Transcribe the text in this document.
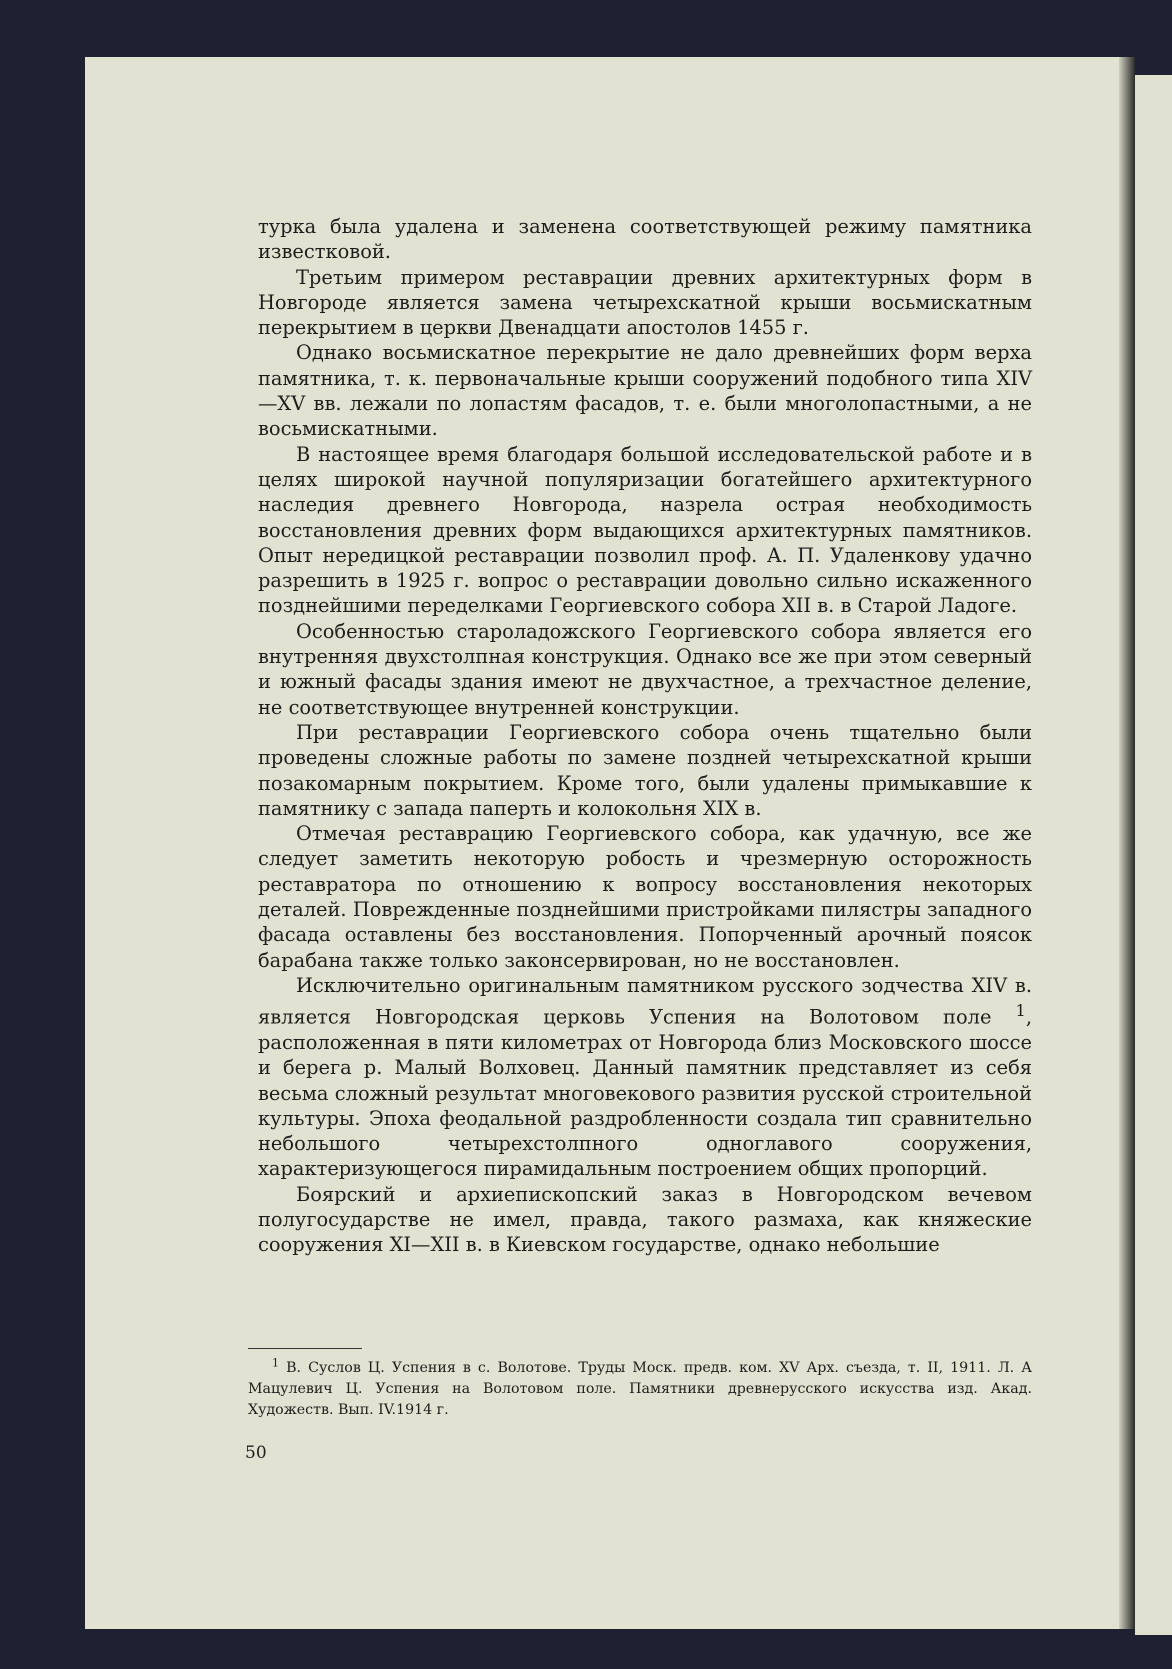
турка была удалена и заменена соответствующей режиму памятника известковой.

Третьим примером реставрации древних архитектурных форм в Новгороде является замена четырехскатной крыши восьмискатным перекрытием в церкви Двенадцати апостолов 1455 г.

Однако восьмискатное перекрытие не дало древнейших форм верха памятника, т. к. первоначальные крыши сооружений подобного типа XIV—XV вв. лежали по лопастям фасадов, т. е. были многолопастными, а не восьмискатными.

В настоящее время благодаря большой исследовательской работе и в целях широкой научной популяризации богатейшего архитектурного наследия древнего Новгорода, назрела острая необходимость восстановления древних форм выдающихся архитектурных памятников. Опыт нередицкой реставрации позволил проф. А. П. Удаленкову удачно разрешить в 1925 г. вопрос о реставрации довольно сильно искаженного позднейшими переделками Георгиевского собора XII в. в Старой Ладоге.

Особенностью староладожского Георгиевского собора является его внутренняя двухстолпная конструкция. Однако все же при этом северный и южный фасады здания имеют не двухчастное, а трехчастное деление, не соответствующее внутренней конструкции.

При реставрации Георгиевского собора очень тщательно были проведены сложные работы по замене поздней четырехскатной крыши позакомарным покрытием. Кроме того, были удалены примыкавшие к памятнику с запада паперть и колокольня XIX в.

Отмечая реставрацию Георгиевского собора, как удачную, все же следует заметить некоторую робость и чрезмерную осторожность реставратора по отношению к вопросу восстановления некоторых деталей. Поврежденные позднейшими пристройками пилястры западного фасада оставлены без восстановления. Попорченный арочный поясок барабана также только законсервирован, но не восстановлен.

Исключительно оригинальным памятником русского зодчества XIV в. является Новгородская церковь Успения на Волотовом поле $^1$, расположенная в пяти километрах от Новгорода близ Московского шоссе и берега р. Малый Волховец. Данный памятник представляет из себя весьма сложный результат многовекового развития русской строительной культуры. Эпоха феодальной раздробленности создала тип сравнительно небольшого четырехстолпного одноглавого сооружения, характеризующегося пирамидальным построением общих пропорций.

Боярский и архиепископский заказ в Новгородском вечевом полугосударстве не имел, правда, такого размаха, как княжеские сооружения XI—XII в. в Киевском государстве, однако небольшие

$^1$ В. Суслов Ц. Успения в с. Волотове. Труды Моск. предв. ком. XV Арх. съезда, т. II, 1911. Л. А Мацулевич Ц. Успения на Волотовом поле. Памятники древнерусского искусства изд. Акад. Художеств. Вып. IV.1914 г.

50
